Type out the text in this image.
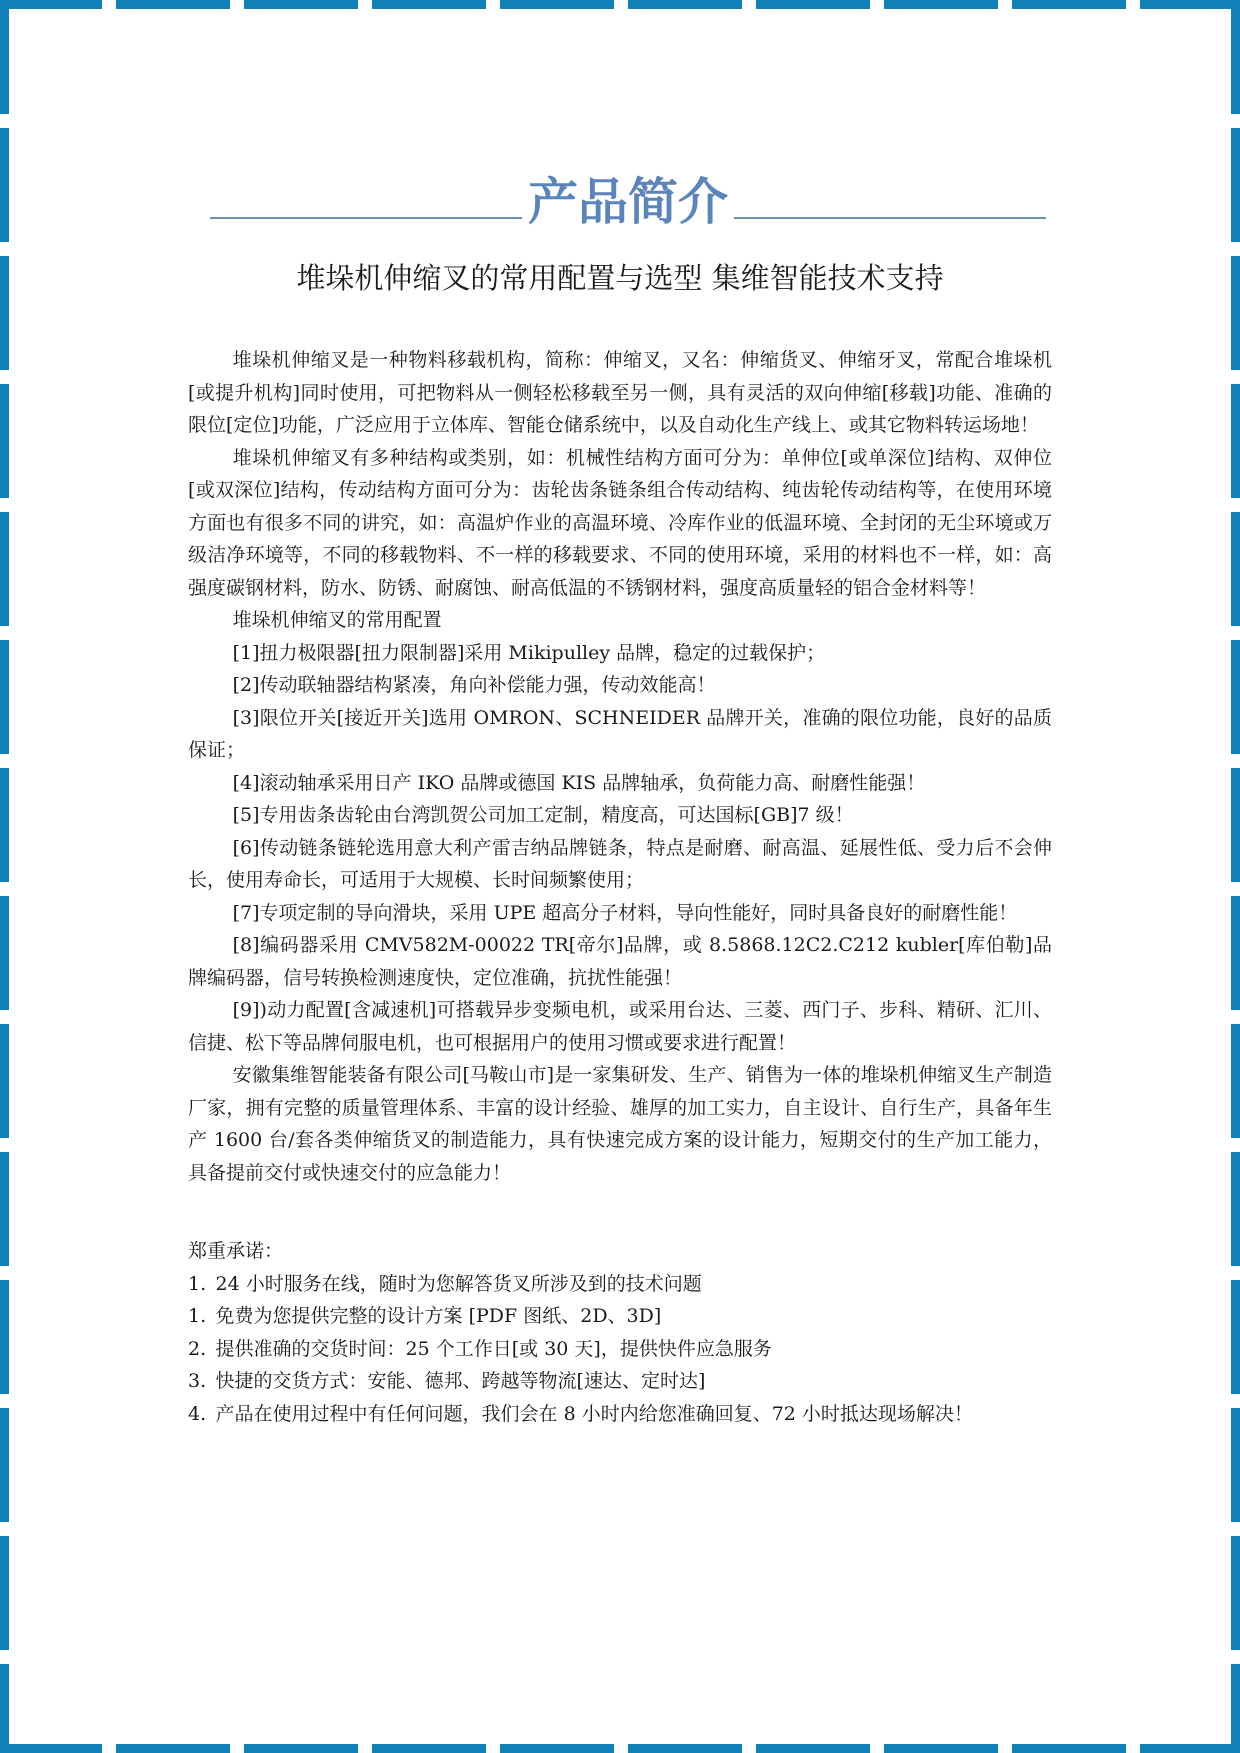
产品简介
堆垛机伸缩叉的常用配置与选型 集维智能技术支持

堆垛机伸缩叉是一种物料移载机构，简称：伸缩叉，又名：伸缩货叉、伸缩牙叉，常配合堆垛机[或提升机构]同时使用，可把物料从一侧轻松移载至另一侧，具有灵活的双向伸缩[移载]功能、准确的限位[定位]功能，广泛应用于立体库、智能仓储系统中，以及自动化生产线上、或其它物料转运场地！

堆垛机伸缩叉有多种结构或类别，如：机械性结构方面可分为：单伸位[或单深位]结构、双伸位[或双深位]结构，传动结构方面可分为：齿轮齿条链条组合传动结构、纯齿轮传动结构等，在使用环境方面也有很多不同的讲究，如：高温炉作业的高温环境、冷库作业的低温环境、全封闭的无尘环境或万级洁净环境等，不同的移载物料、不一样的移载要求、不同的使用环境，采用的材料也不一样，如：高强度碳钢材料，防水、防锈、耐腐蚀、耐高低温的不锈钢材料，强度高质量轻的铝合金材料等！

堆垛机伸缩叉的常用配置

[1]扭力极限器[扭力限制器]采用 Mikipulley 品牌，稳定的过载保护；

[2]传动联轴器结构紧凑，角向补偿能力强，传动效能高！

[3]限位开关[接近开关]选用 OMRON、SCHNEIDER 品牌开关，准确的限位功能，良好的品质保证；

[4]滚动轴承采用日产 IKO 品牌或德国 KIS 品牌轴承，负荷能力高、耐磨性能强！

[5]专用齿条齿轮由台湾凯贺公司加工定制，精度高，可达国标[GB]7 级！

[6]传动链条链轮选用意大利产雷吉纳品牌链条，特点是耐磨、耐高温、延展性低、受力后不会伸长，使用寿命长，可适用于大规模、长时间频繁使用；

[7]专项定制的导向滑块，采用 UPE 超高分子材料，导向性能好，同时具备良好的耐磨性能！

[8]编码器采用 CMV582M-00022 TR[帝尔]品牌，或 8.5868.12C2.C212 kubler[库伯勒]品牌编码器，信号转换检测速度快，定位准确，抗扰性能强！

[9])动力配置[含减速机]可搭载异步变频电机，或采用台达、三菱、西门子、步科、精研、汇川、信捷、松下等品牌伺服电机，也可根据用户的使用习惯或要求进行配置！

安徽集维智能装备有限公司[马鞍山市]是一家集研发、生产、销售为一体的堆垛机伸缩叉生产制造厂家，拥有完整的质量管理体系、丰富的设计经验、雄厚的加工实力，自主设计、自行生产，具备年生产 1600 台/套各类伸缩货叉的制造能力，具有快速完成方案的设计能力，短期交付的生产加工能力，具备提前交付或快速交付的应急能力！

郑重承诺：
1. 24 小时服务在线，随时为您解答货叉所涉及到的技术问题
1. 免费为您提供完整的设计方案 [PDF 图纸、2D、3D]
2. 提供准确的交货时间：25 个工作日[或 30 天]，提供快件应急服务
3. 快捷的交货方式：安能、德邦、跨越等物流[速达、定时达]
4. 产品在使用过程中有任何问题，我们会在 8 小时内给您准确回复、72 小时抵达现场解决！
